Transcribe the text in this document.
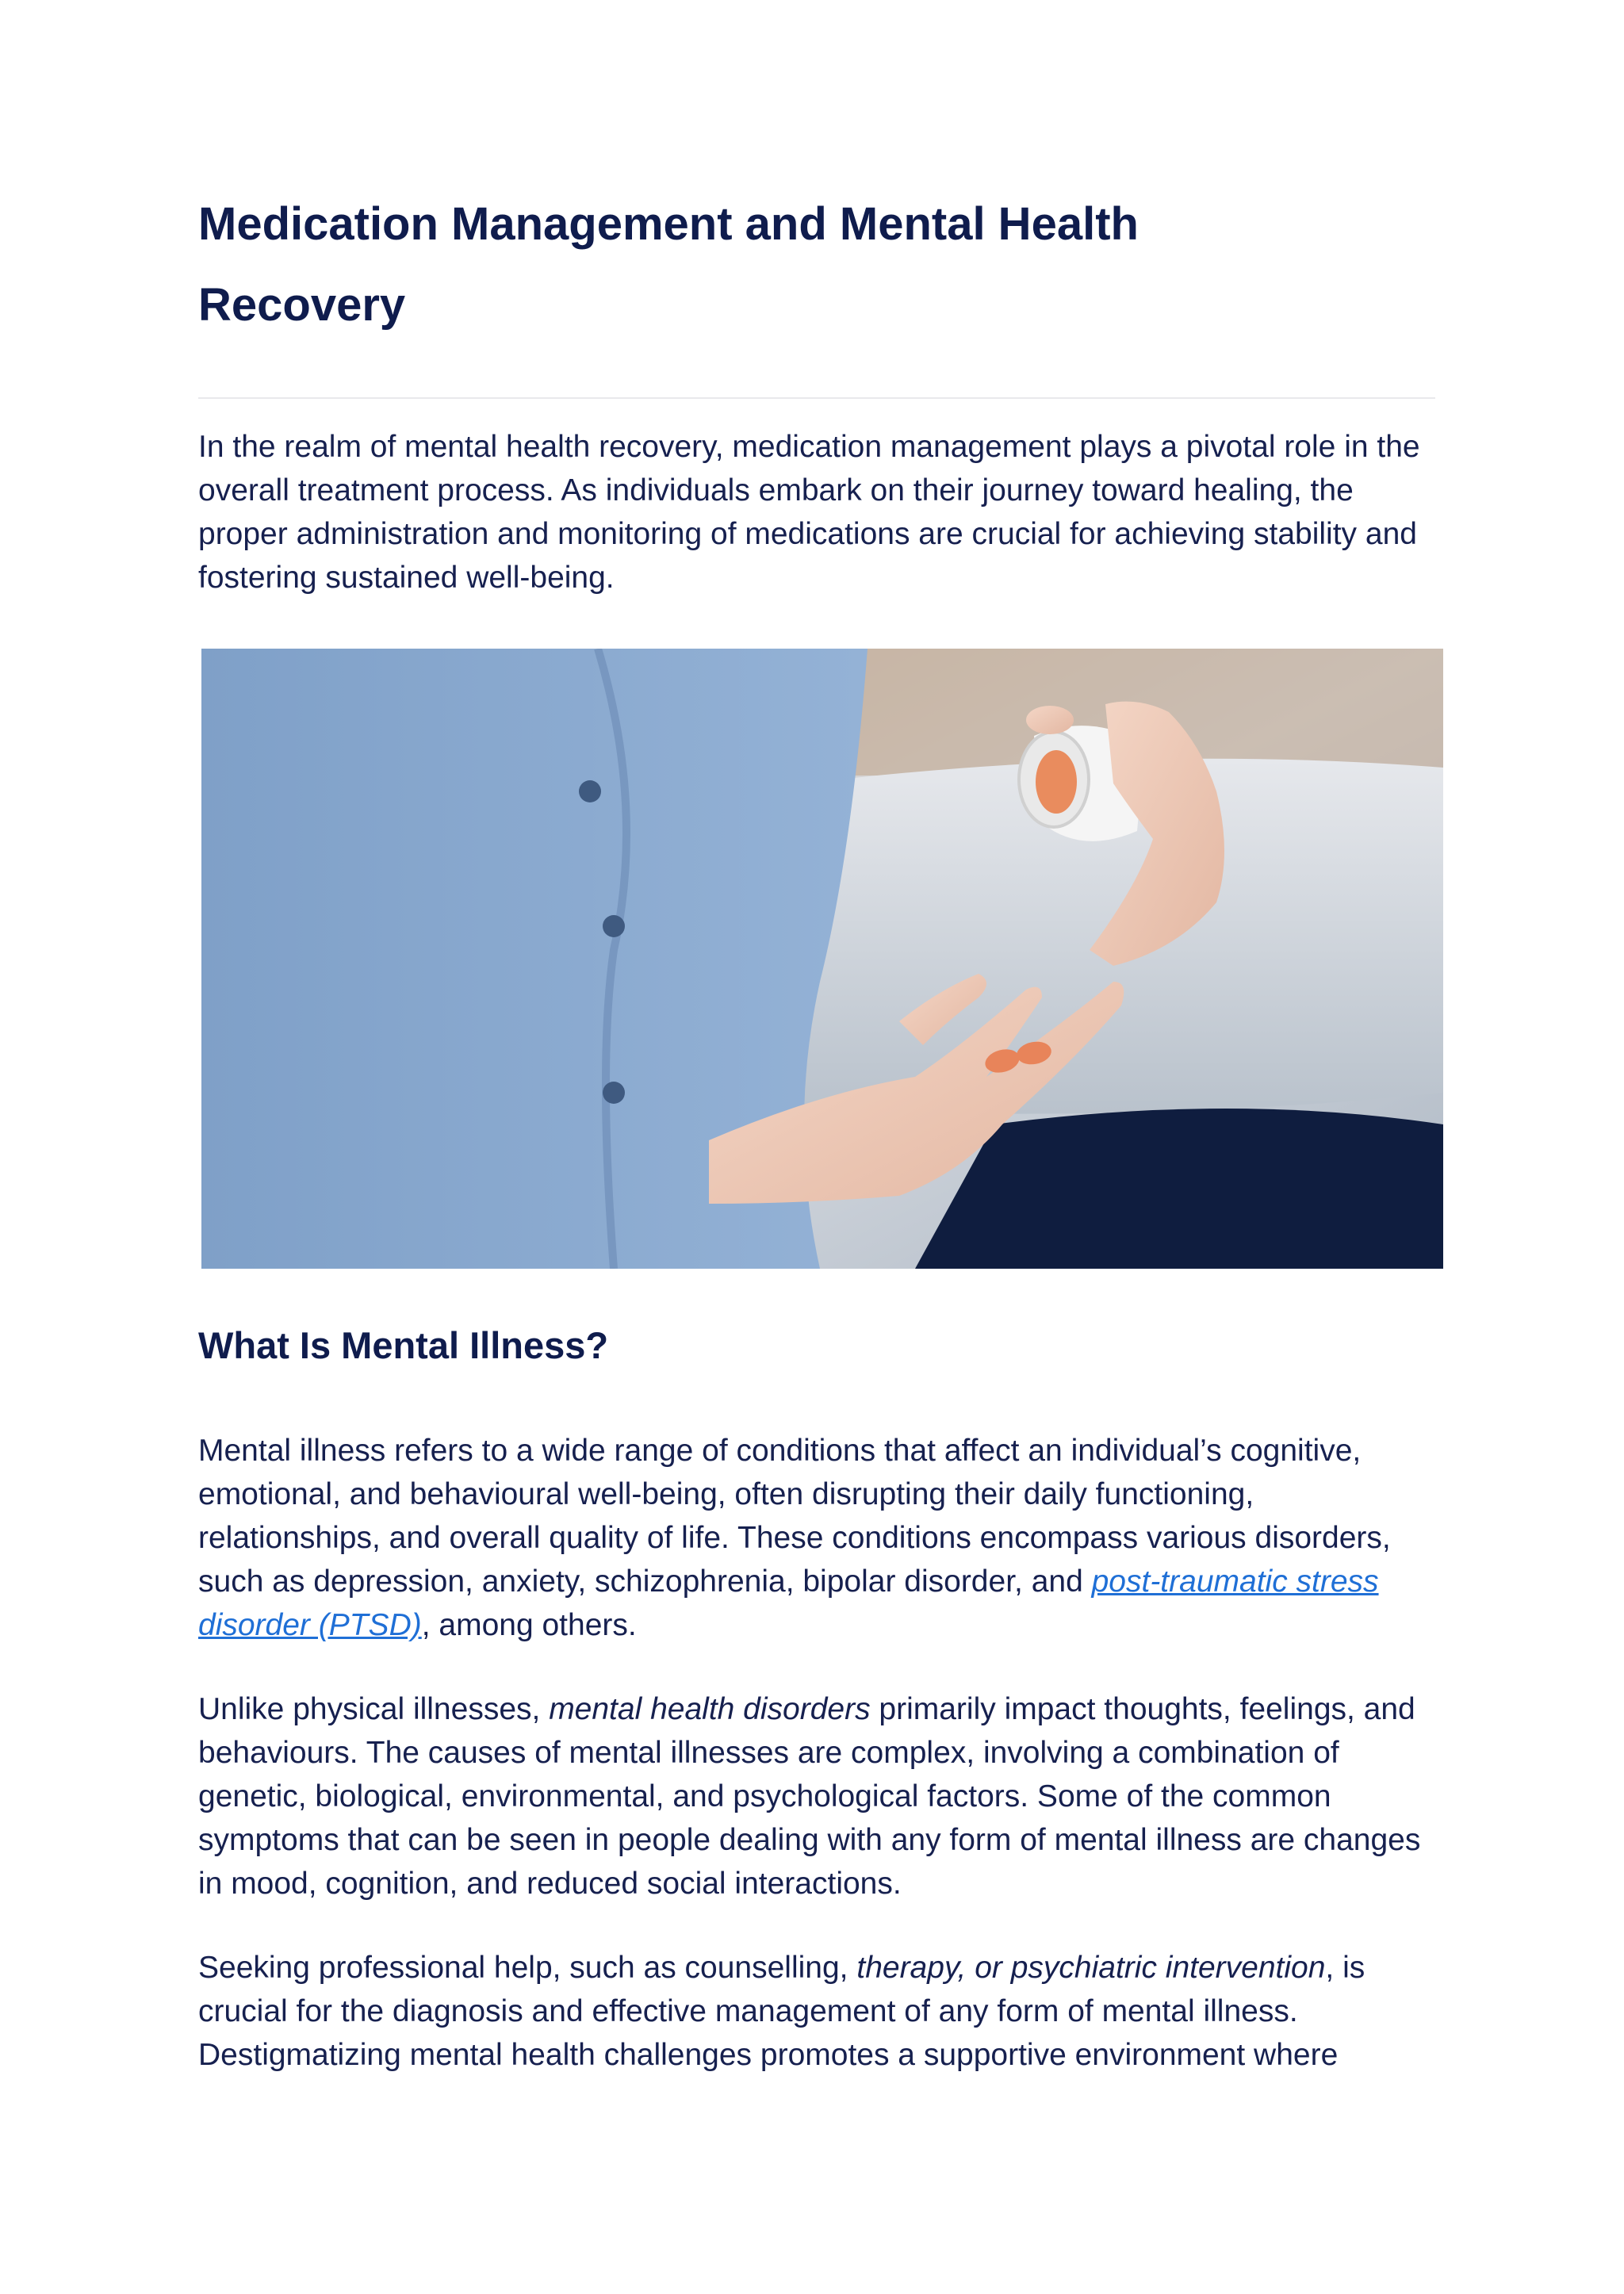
Medication Management and Mental Health Recovery

In the realm of mental health recovery, medication management plays a pivotal role in the overall treatment process. As individuals embark on their journey toward healing, the proper administration and monitoring of medications are crucial for achieving stability and fostering sustained well-being.

What Is Mental Illness?

Mental illness refers to a wide range of conditions that affect an individual’s cognitive, emotional, and behavioural well-being, often disrupting their daily functioning, relationships, and overall quality of life. These conditions encompass various disorders, such as depression, anxiety, schizophrenia, bipolar disorder, and post-traumatic stress disorder (PTSD), among others.

Unlike physical illnesses, mental health disorders primarily impact thoughts, feelings, and behaviours. The causes of mental illnesses are complex, involving a combination of genetic, biological, environmental, and psychological factors. Some of the common symptoms that can be seen in people dealing with any form of mental illness are changes in mood, cognition, and reduced social interactions.

Seeking professional help, such as counselling, therapy, or psychiatric intervention, is crucial for the diagnosis and effective management of any form of mental illness. Destigmatizing mental health challenges promotes a supportive environment where
